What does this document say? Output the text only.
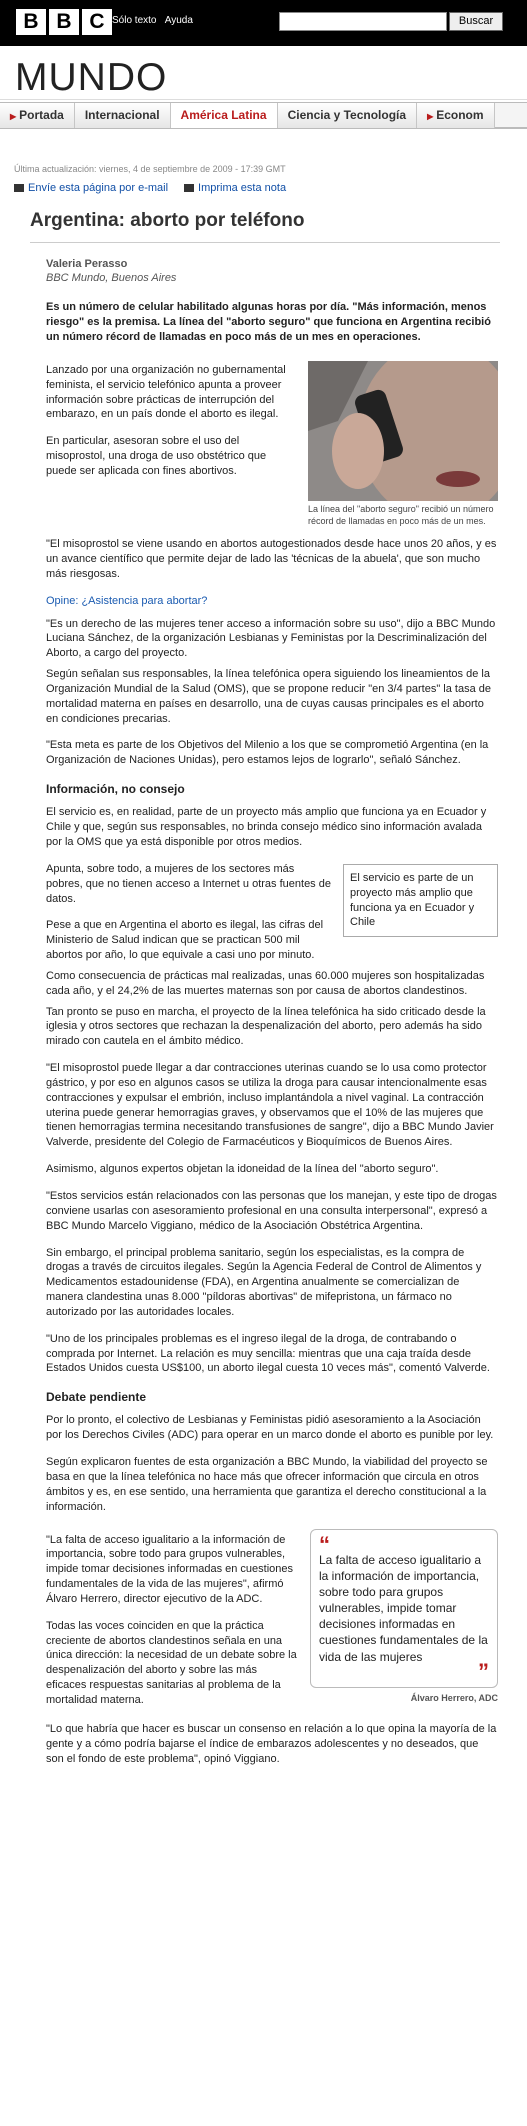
B B C Sólo texto Ayuda	Buscar
MUNDO
▶ Portada	Internacional	América Latina	Ciencia y Tecnología	▶ Econom
Última actualización: viernes, 4 de septiembre de 2009 - 17:39 GMT
Envíe esta página por e-mail	Imprima esta nota
Argentina: aborto por teléfono
Valeria Perasso
BBC Mundo, Buenos Aires

Es un número de celular habilitado algunas horas por día. "Más información, menos riesgo" es la premisa. La línea del "aborto seguro" que funciona en Argentina recibió un número récord de llamadas en poco más de un mes en operaciones.

La línea del "aborto seguro" recibió un número récord de llamadas en poco más de un mes.

Lanzado por una organización no gubernamental feminista, el servicio telefónico apunta a proveer información sobre prácticas de interrupción del embarazo, en un país donde el aborto es ilegal.

En particular, asesoran sobre el uso del misoprostol, una droga de uso obstétrico que puede ser aplicada con fines abortivos.

"El misoprostol se viene usando en abortos autogestionados desde hace unos 20 años, y es un avance científico que permite dejar de lado las 'técnicas de la abuela', que son mucho más riesgosas.

Opine: ¿Asistencia para abortar?

"Es un derecho de las mujeres tener acceso a información sobre su uso", dijo a BBC Mundo Luciana Sánchez, de la organización Lesbianas y Feministas por la Descriminalización del Aborto, a cargo del proyecto.

Según señalan sus responsables, la línea telefónica opera siguiendo los lineamientos de la Organización Mundial de la Salud (OMS), que se propone reducir "en 3/4 partes" la tasa de mortalidad materna en países en desarrollo, una de cuyas causas principales es el aborto en condiciones precarias.

"Esta meta es parte de los Objetivos del Milenio a los que se comprometió Argentina (en la Organización de Naciones Unidas), pero estamos lejos de lograrlo", señaló Sánchez.

Información, no consejo

El servicio es, en realidad, parte de un proyecto más amplio que funciona ya en Ecuador y Chile y que, según sus responsables, no brinda consejo médico sino información avalada por la OMS que ya está disponible por otros medios.

El servicio es parte de un proyecto más amplio que funciona ya en Ecuador y Chile

Apunta, sobre todo, a mujeres de los sectores más pobres, que no tienen acceso a Internet u otras fuentes de datos.

Pese a que en Argentina el aborto es ilegal, las cifras del Ministerio de Salud indican que se practican 500 mil abortos por año, lo que equivale a casi uno por minuto.

Como consecuencia de prácticas mal realizadas, unas 60.000 mujeres son hospitalizadas cada año, y el 24,2% de las muertes maternas son por causa de abortos clandestinos.

Tan pronto se puso en marcha, el proyecto de la línea telefónica ha sido criticado desde la iglesia y otros sectores que rechazan la despenalización del aborto, pero además ha sido mirado con cautela en el ámbito médico.

"El misoprostol puede llegar a dar contracciones uterinas cuando se lo usa como protector gástrico, y por eso en algunos casos se utiliza la droga para causar intencionalmente esas contracciones y expulsar el embrión, incluso implantándola a nivel vaginal. La contracción uterina puede generar hemorragias graves, y observamos que el 10% de las mujeres que tienen hemorragias termina necesitando transfusiones de sangre", dijo a BBC Mundo Javier Valverde, presidente del Colegio de Farmacéuticos y Bioquímicos de Buenos Aires.

Asimismo, algunos expertos objetan la idoneidad de la línea del "aborto seguro".

"Estos servicios están relacionados con las personas que los manejan, y este tipo de drogas conviene usarlas con asesoramiento profesional en una consulta interpersonal", expresó a BBC Mundo Marcelo Viggiano, médico de la Asociación Obstétrica Argentina.

Sin embargo, el principal problema sanitario, según los especialistas, es la compra de drogas a través de circuitos ilegales. Según la Agencia Federal de Control de Alimentos y Medicamentos estadounidense (FDA), en Argentina anualmente se comercializan de manera clandestina unas 8.000 "píldoras abortivas" de mifepristona, un fármaco no autorizado por las autoridades locales.

"Uno de los principales problemas es el ingreso ilegal de la droga, de contrabando o comprada por Internet. La relación es muy sencilla: mientras que una caja traída desde Estados Unidos cuesta US$100, un aborto ilegal cuesta 10 veces más", comentó Valverde.

Debate pendiente

Por lo pronto, el colectivo de Lesbianas y Feministas pidió asesoramiento a la Asociación por los Derechos Civiles (ADC) para operar en un marco donde el aborto es punible por ley.

Según explicaron fuentes de esta organización a BBC Mundo, la viabilidad del proyecto se basa en que la línea telefónica no hace más que ofrecer información que circula en otros ámbitos y es, en ese sentido, una herramienta que garantiza el derecho constitucional a la información.

“
La falta de acceso igualitario a la información de importancia, sobre todo para grupos vulnerables, impide tomar decisiones informadas en cuestiones fundamentales de la vida de las mujeres
”
Álvaro Herrero, ADC

"La falta de acceso igualitario a la información de importancia, sobre todo para grupos vulnerables, impide tomar decisiones informadas en cuestiones fundamentales de la vida de las mujeres", afirmó Álvaro Herrero, director ejecutivo de la ADC.

Todas las voces coinciden en que la práctica creciente de abortos clandestinos señala en una única dirección: la necesidad de un debate sobre la despenalización del aborto y sobre las más eficaces respuestas sanitarias al problema de la mortalidad materna.

"Lo que habría que hacer es buscar un consenso en relación a lo que opina la mayoría de la gente y a cómo podría bajarse el índice de embarazos adolescentes y no deseados, que son el fondo de este problema", opinó Viggiano.
